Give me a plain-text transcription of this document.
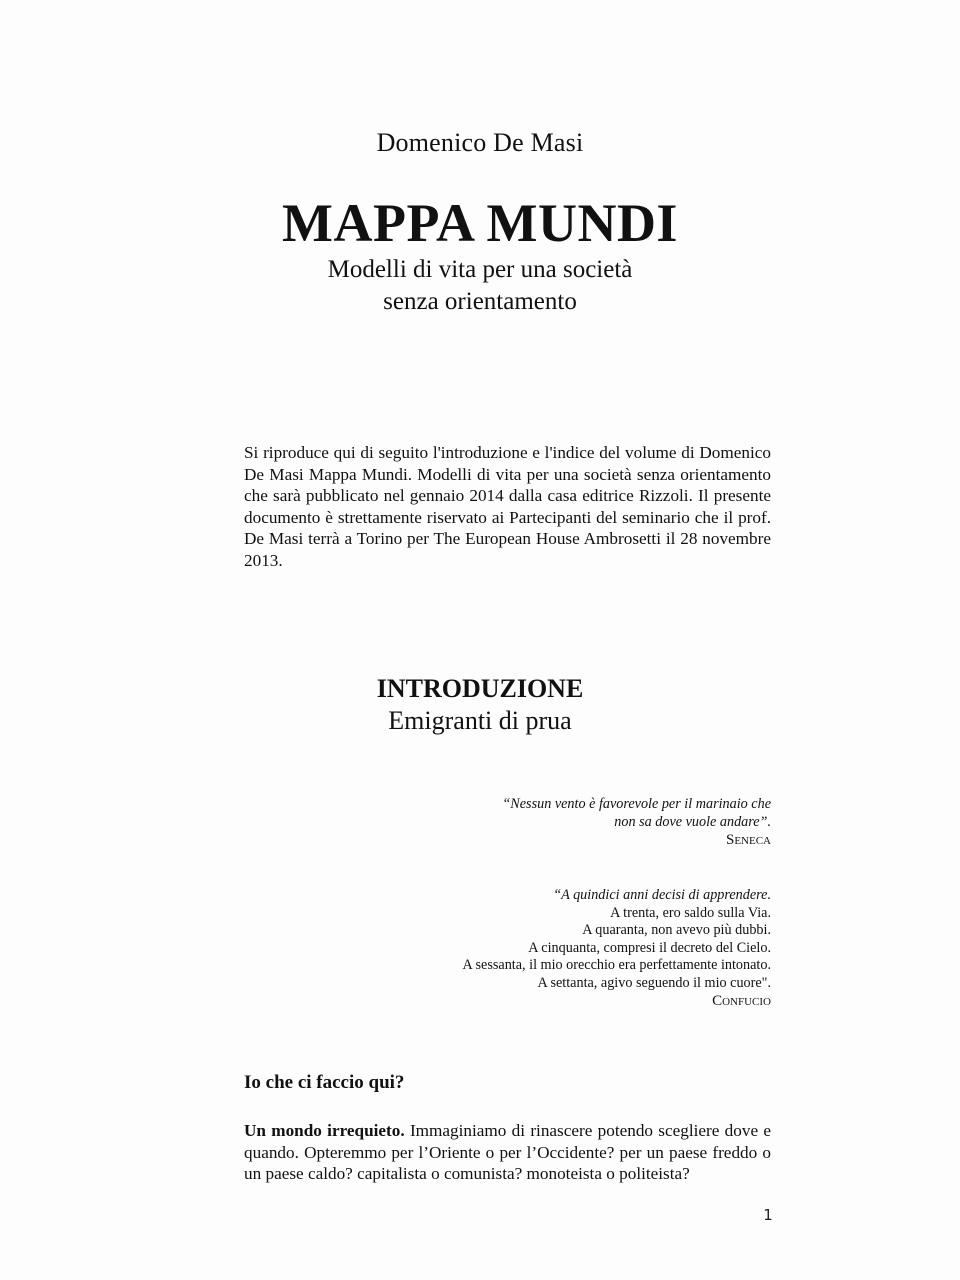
Domenico De Masi
MAPPA MUNDI
Modelli di vita per una società
senza orientamento
Si riproduce qui di seguito l'introduzione e l'indice del volume di Domenico De Masi Mappa Mundi. Modelli di vita per una società senza orientamento che sarà pubblicato nel gennaio 2014 dalla casa editrice Rizzoli. Il presente documento è strettamente riservato ai Partecipanti del seminario che il prof. De Masi terrà a Torino per The European House Ambrosetti il 28 novembre 2013.
INTRODUZIONE
Emigranti di prua
“Nessun vento è favorevole per il marinaio che
non sa dove vuole andare”.
Seneca
“A quindici anni decisi di apprendere.
A trenta, ero saldo sulla Via.
A quaranta, non avevo più dubbi.
A cinquanta, compresi il decreto del Cielo.
A sessanta, il mio orecchio era perfettamente intonato.
A settanta, agivo seguendo il mio cuore".
Confucio
Io che ci faccio qui?
Un mondo irrequieto. Immaginiamo di rinascere potendo scegliere dove e quando. Opteremmo per l’Oriente o per l’Occidente? per un paese freddo o un paese caldo? capitalista o comunista? monoteista o politeista?
1
